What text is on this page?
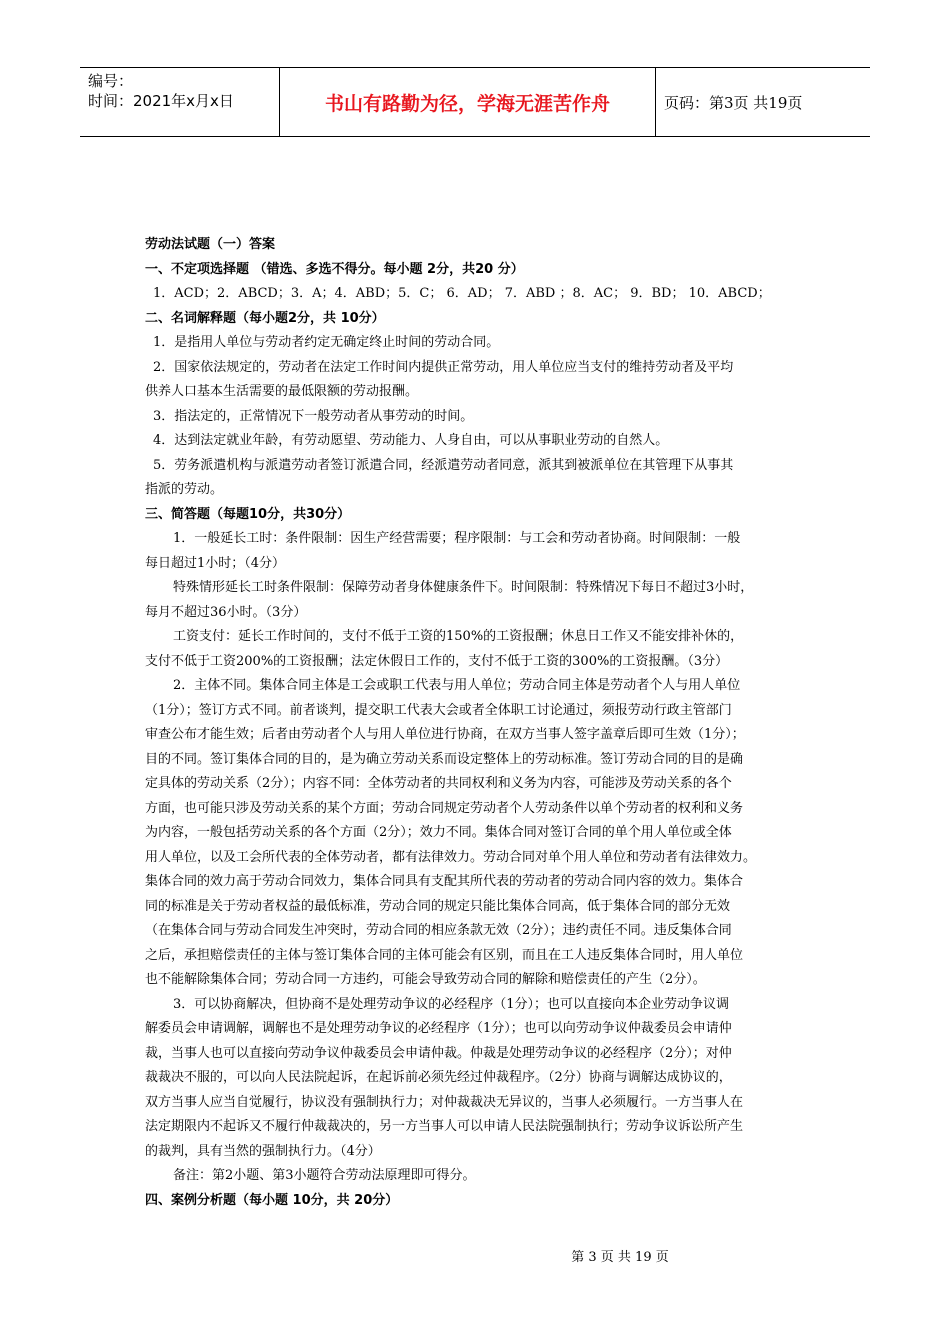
编号：
时间：2021年x月x日	书山有路勤为径，学海无涯苦作舟	页码：第3页 共19页
劳动法试题（一）答案
一、不定项选择题 （错选、多选不得分。每小题 2分，共20 分）
1．ACD；2．ABCD；3．A；4．ABD；5．C； 6．AD； 7．ABD ；8．AC； 9．BD； 10．ABCD；
二、名词解释题（每小题2分，共 10分）
1．是指用人单位与劳动者约定无确定终止时间的劳动合同。
2．国家依法规定的，劳动者在法定工作时间内提供正常劳动，用人单位应当支付的维持劳动者及平均
供养人口基本生活需要的最低限额的劳动报酬。
3．指法定的，正常情况下一般劳动者从事劳动的时间。
4．达到法定就业年龄，有劳动愿望、劳动能力、人身自由，可以从事职业劳动的自然人。
5．劳务派遣机构与派遣劳动者签订派遣合同，经派遣劳动者同意，派其到被派单位在其管理下从事其
指派的劳动。
三、简答题（每题10分，共30分）
1．一般延长工时：条件限制：因生产经营需要；程序限制：与工会和劳动者协商。时间限制：一般
每日超过1小时；（4分）
特殊情形延长工时条件限制：保障劳动者身体健康条件下。时间限制：特殊情况下每日不超过3小时，
每月不超过36小时。（3分）
工资支付：延长工作时间的，支付不低于工资的150%的工资报酬；休息日工作又不能安排补休的，
支付不低于工资200%的工资报酬；法定休假日工作的，支付不低于工资的300%的工资报酬。（3分）
2．主体不同。集体合同主体是工会或职工代表与用人单位；劳动合同主体是劳动者个人与用人单位
（1分）；签订方式不同。前者谈判，提交职工代表大会或者全体职工讨论通过，须报劳动行政主管部门
审查公布才能生效；后者由劳动者个人与用人单位进行协商，在双方当事人签字盖章后即可生效（1分）；
目的不同。签订集体合同的目的，是为确立劳动关系而设定整体上的劳动标准。签订劳动合同的目的是确
定具体的劳动关系（2分）；内容不同：全体劳动者的共同权利和义务为内容，可能涉及劳动关系的各个
方面，也可能只涉及劳动关系的某个方面；劳动合同规定劳动者个人劳动条件以单个劳动者的权利和义务
为内容，一般包括劳动关系的各个方面（2分）；效力不同。集体合同对签订合同的单个用人单位或全体
用人单位，以及工会所代表的全体劳动者，都有法律效力。劳动合同对单个用人单位和劳动者有法律效力。
集体合同的效力高于劳动合同效力，集体合同具有支配其所代表的劳动者的劳动合同内容的效力。集体合
同的标准是关于劳动者权益的最低标准，劳动合同的规定只能比集体合同高，低于集体合同的部分无效
（在集体合同与劳动合同发生冲突时，劳动合同的相应条款无效（2分）；违约责任不同。违反集体合同
之后，承担赔偿责任的主体与签订集体合同的主体可能会有区别，而且在工人违反集体合同时，用人单位
也不能解除集体合同；劳动合同一方违约，可能会导致劳动合同的解除和赔偿责任的产生（2分）。
3．可以协商解决，但协商不是处理劳动争议的必经程序（1分）；也可以直接向本企业劳动争议调
解委员会申请调解，调解也不是处理劳动争议的必经程序（1分）；也可以向劳动争议仲裁委员会申请仲
裁，当事人也可以直接向劳动争议仲裁委员会申请仲裁。仲裁是处理劳动争议的必经程序（2分）；对仲
裁裁决不服的，可以向人民法院起诉，在起诉前必须先经过仲裁程序。（2分）协商与调解达成协议的，
双方当事人应当自觉履行，协议没有强制执行力；对仲裁裁决无异议的，当事人必须履行。一方当事人在
法定期限内不起诉又不履行仲裁裁决的，另一方当事人可以申请人民法院强制执行；劳动争议诉讼所产生
的裁判，具有当然的强制执行力。（4分）
备注：第2小题、第3小题符合劳动法原理即可得分。
四、案例分析题（每小题 10分，共 20分）
第 3 页 共 19 页
